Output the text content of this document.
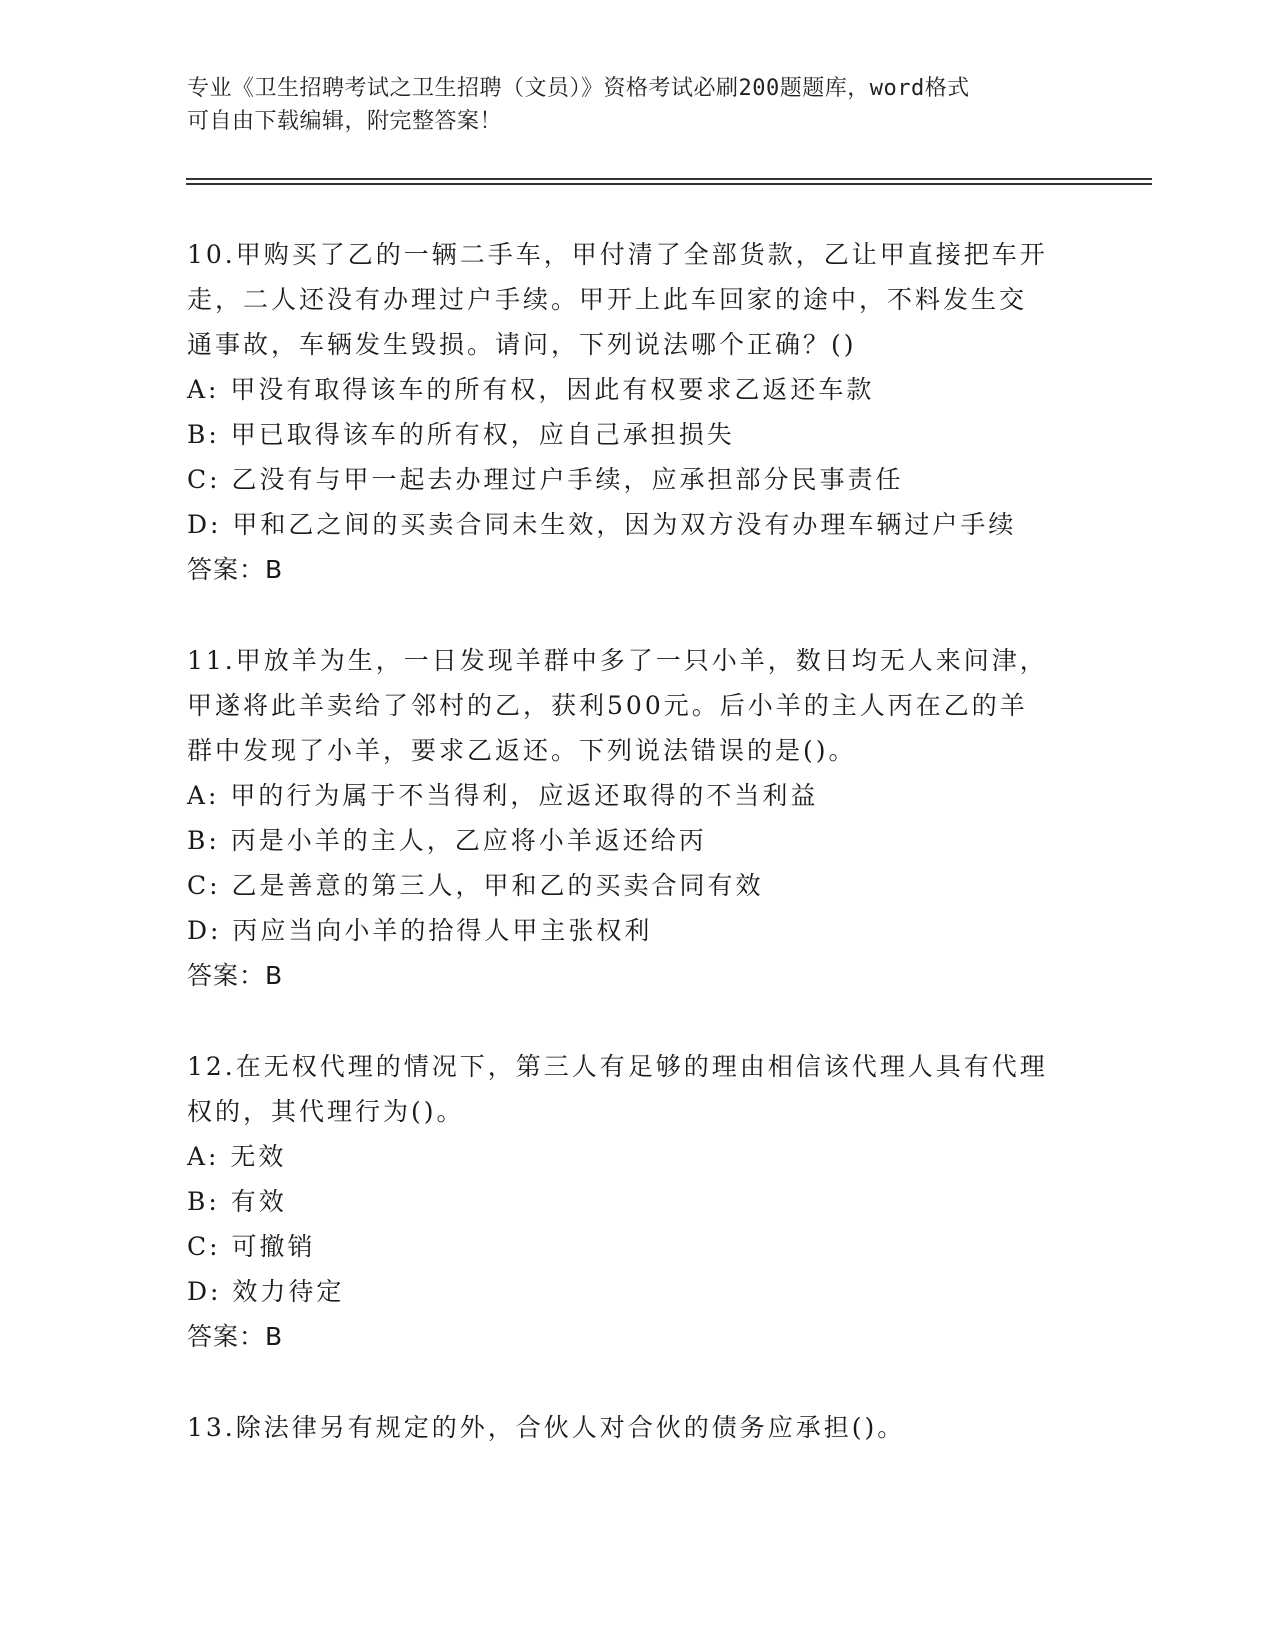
专业《卫生招聘考试之卫生招聘（文员）》资格考试必刷200题题库，word格式
可自由下载编辑，附完整答案！

10.甲购买了乙的一辆二手车，甲付清了全部货款，乙让甲直接把车开

走，二人还没有办理过户手续。甲开上此车回家的途中，不料发生交

通事故，车辆发生毁损。请问，下列说法哪个正确？()

A: 甲没有取得该车的所有权，因此有权要求乙返还车款

B: 甲已取得该车的所有权，应自己承担损失

C: 乙没有与甲一起去办理过户手续，应承担部分民事责任

D: 甲和乙之间的买卖合同未生效，因为双方没有办理车辆过户手续

答案：B

11.甲放羊为生，一日发现羊群中多了一只小羊，数日均无人来问津，

甲遂将此羊卖给了邻村的乙，获利500元。后小羊的主人丙在乙的羊

群中发现了小羊，要求乙返还。下列说法错误的是()。

A: 甲的行为属于不当得利，应返还取得的不当利益

B: 丙是小羊的主人，乙应将小羊返还给丙

C: 乙是善意的第三人，甲和乙的买卖合同有效

D: 丙应当向小羊的拾得人甲主张权利

答案：B

12.在无权代理的情况下，第三人有足够的理由相信该代理人具有代理

权的，其代理行为()。

A: 无效

B: 有效

C: 可撤销

D: 效力待定

答案：B

13.除法律另有规定的外，合伙人对合伙的债务应承担()。
